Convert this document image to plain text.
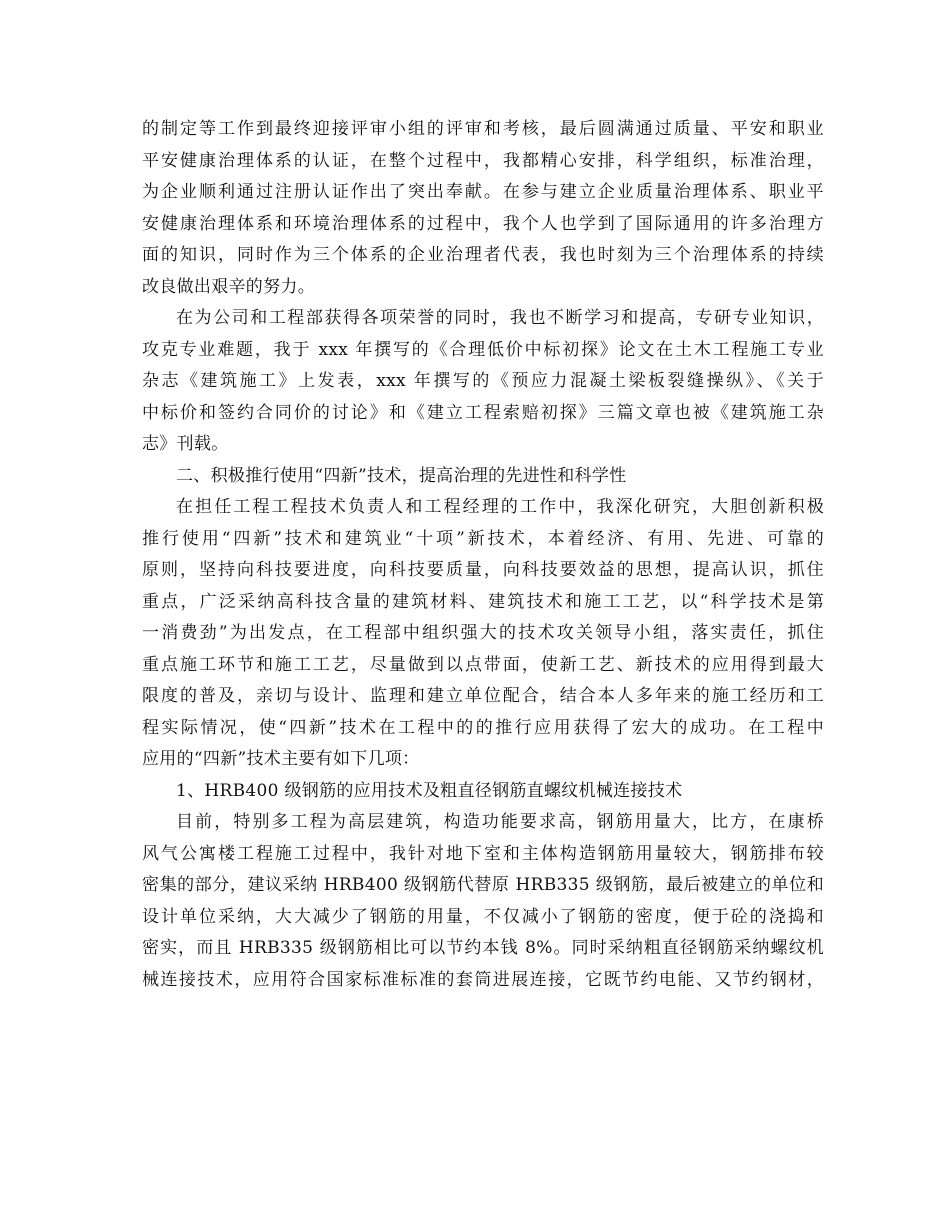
的制定等工作到最终迎接评审小组的评审和考核，最后圆满通过质量、平安和职业
平安健康治理体系的认证，在整个过程中，我都精心安排，科学组织，标准治理，
为企业顺利通过注册认证作出了突出奉献。在参与建立企业质量治理体系、职业平
安健康治理体系和环境治理体系的过程中，我个人也学到了国际通用的许多治理方
面的知识，同时作为三个体系的企业治理者代表，我也时刻为三个治理体系的持续
改良做出艰辛的努力。
在为公司和工程部获得各项荣誉的同时，我也不断学习和提高，专研专业知识，
攻克专业难题，我于 xxx 年撰写的《合理低价中标初探》论文在土木工程施工专业
杂志《建筑施工》上发表，xxx 年撰写的《预应力混凝土梁板裂缝操纵》、《关于
中标价和签约合同价的讨论》和《建立工程索赔初探》三篇文章也被《建筑施工杂
志》刊载。
二、积极推行使用“四新”技术，提高治理的先进性和科学性
在担任工程工程技术负责人和工程经理的工作中，我深化研究，大胆创新积极
推行使用“四新”技术和建筑业“十项”新技术，本着经济、有用、先进、可靠的
原则，坚持向科技要进度，向科技要质量，向科技要效益的思想，提高认识，抓住
重点，广泛采纳高科技含量的建筑材料、建筑技术和施工工艺，以“科学技术是第
一消费劲”为出发点，在工程部中组织强大的技术攻关领导小组，落实责任，抓住
重点施工环节和施工工艺，尽量做到以点带面，使新工艺、新技术的应用得到最大
限度的普及，亲切与设计、监理和建立单位配合，结合本人多年来的施工经历和工
程实际情况，使“四新”技术在工程中的的推行应用获得了宏大的成功。在工程中
应用的“四新”技术主要有如下几项：
1、HRB400 级钢筋的应用技术及粗直径钢筋直螺纹机械连接技术
目前，特别多工程为高层建筑，构造功能要求高，钢筋用量大，比方，在康桥
风气公寓楼工程施工过程中，我针对地下室和主体构造钢筋用量较大，钢筋排布较
密集的部分，建议采纳 HRB400 级钢筋代替原 HRB335 级钢筋，最后被建立的单位和
设计单位采纳，大大减少了钢筋的用量，不仅减小了钢筋的密度，便于砼的浇捣和
密实，而且 HRB335 级钢筋相比可以节约本钱 8%。同时采纳粗直径钢筋采纳螺纹机
械连接技术，应用符合国家标准标准的套筒进展连接，它既节约电能、又节约钢材，
